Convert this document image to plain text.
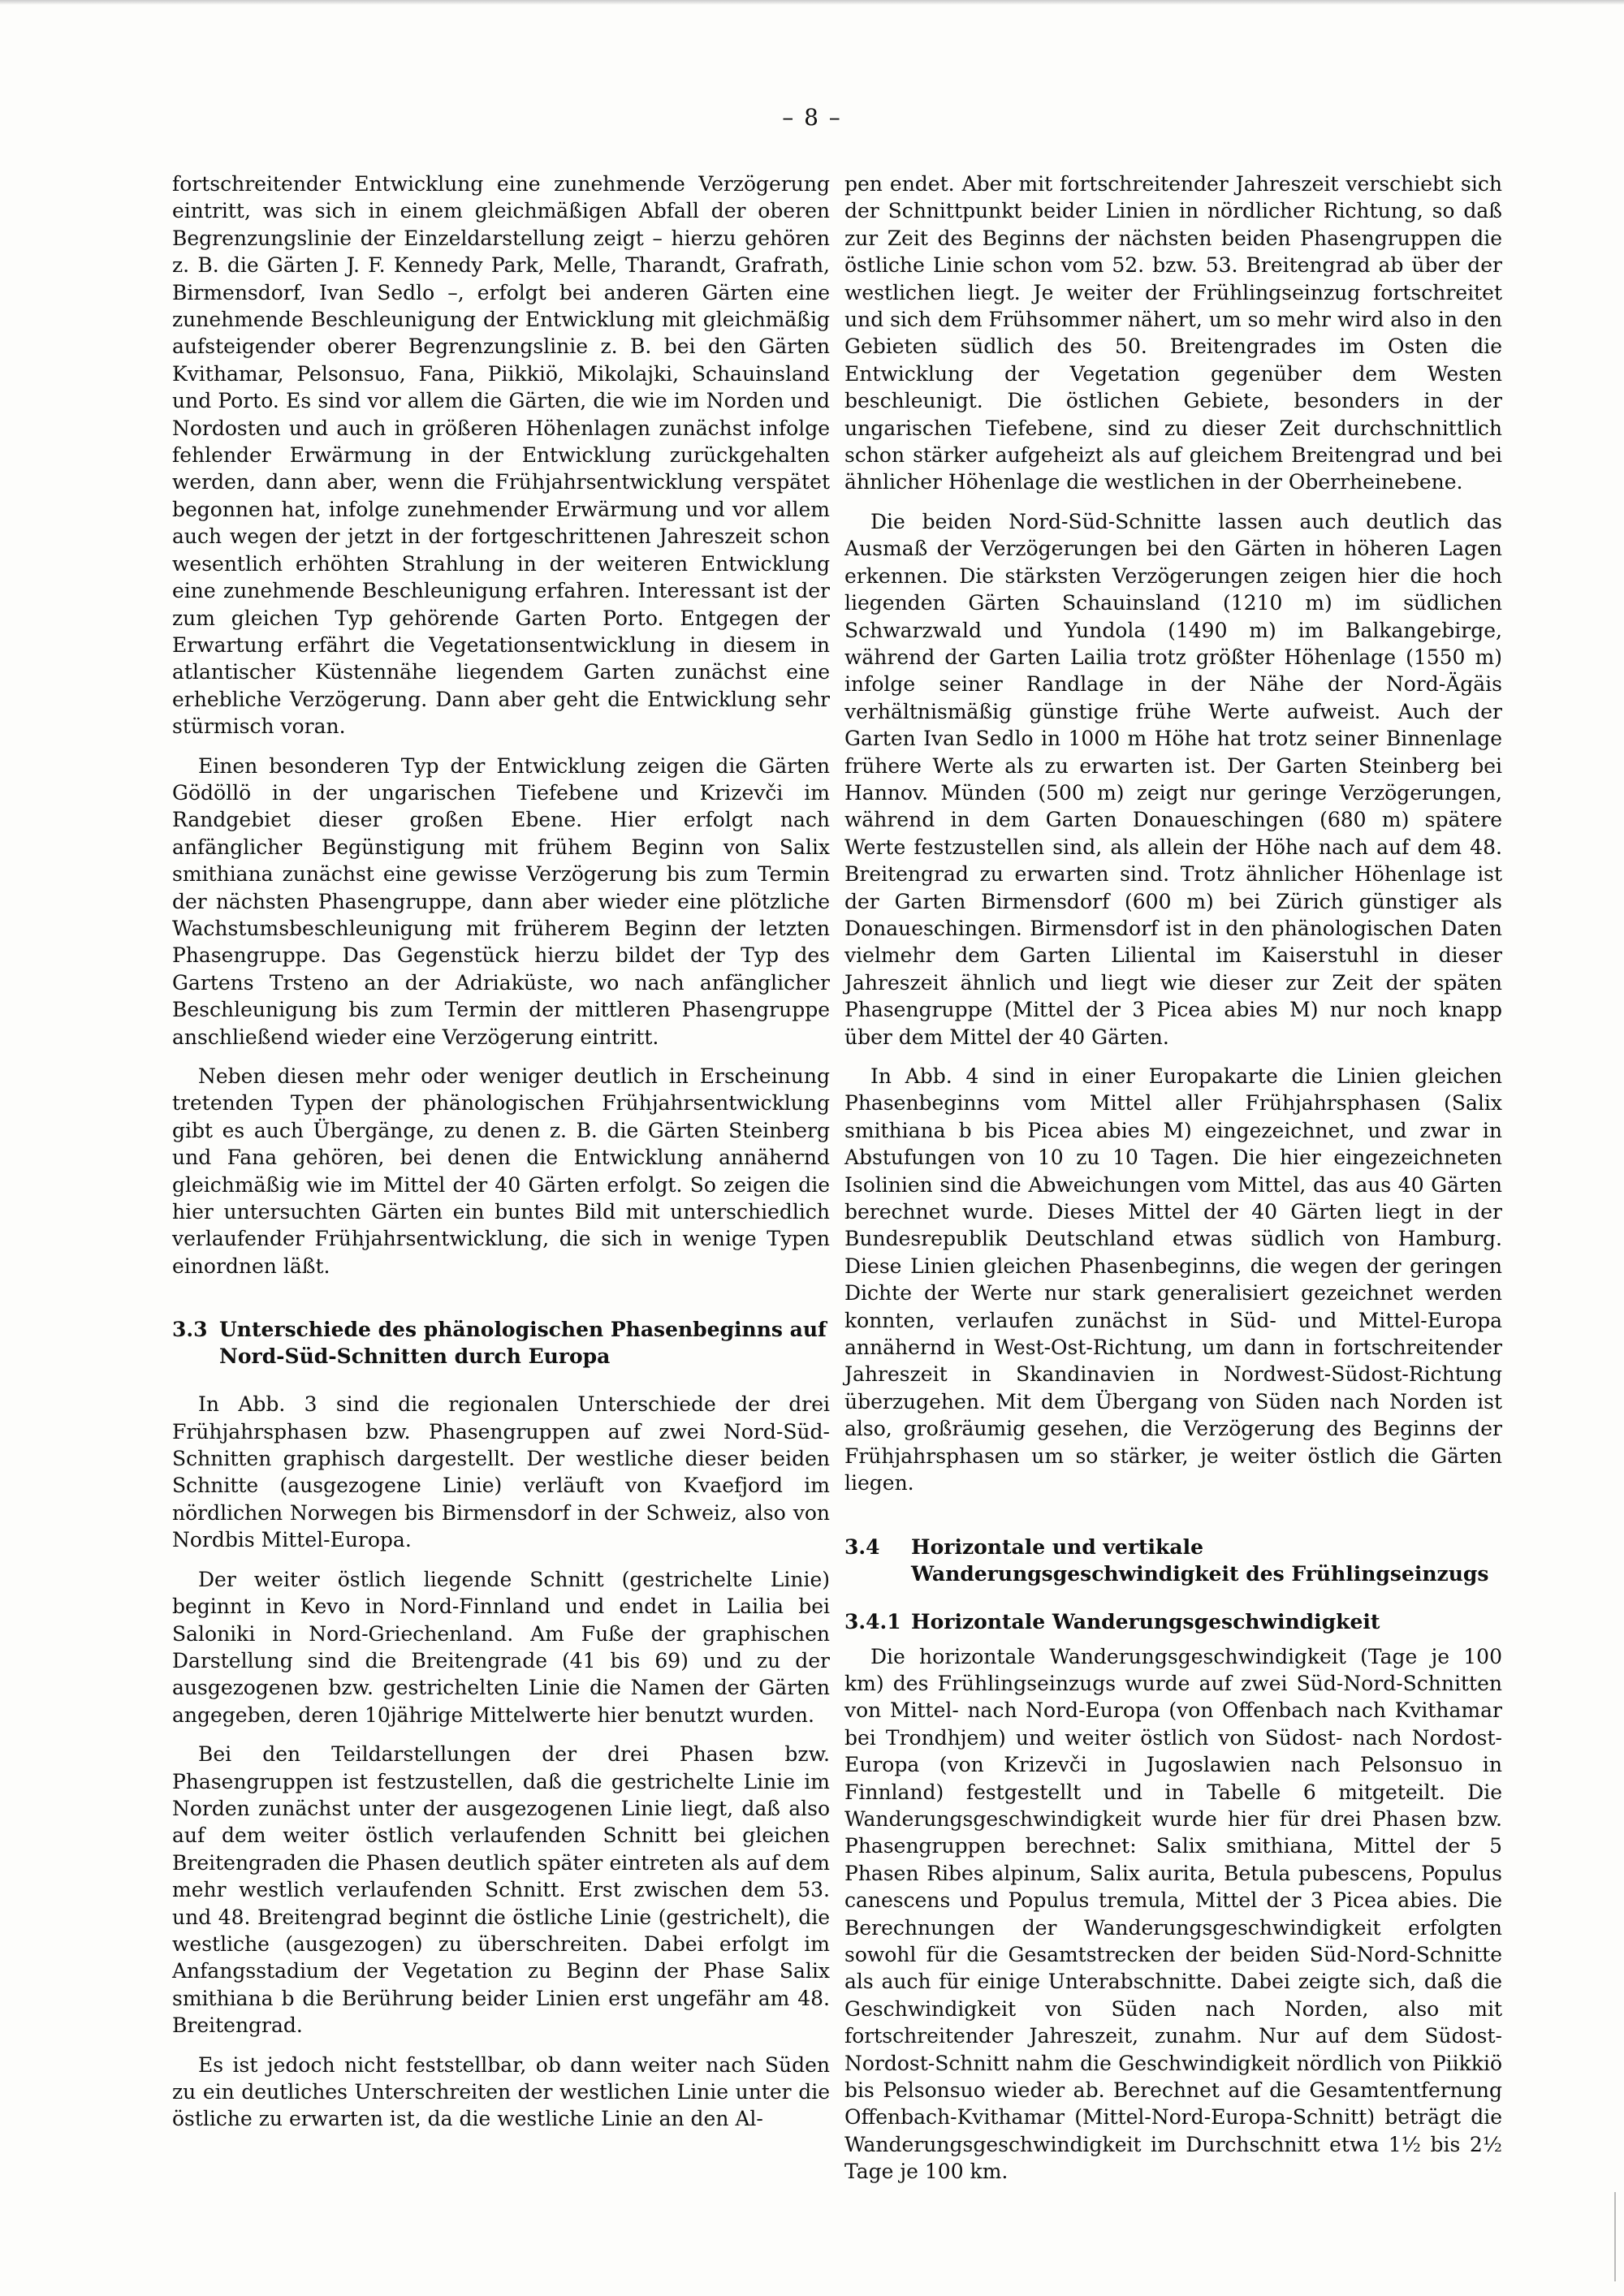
– 8 –

fortschreitender Entwicklung eine zunehmende Verzögerung eintritt, was sich in einem gleichmäßigen Abfall der oberen Begrenzungslinie der Einzeldarstellung zeigt – hierzu gehören z. B. die Gärten J. F. Kennedy Park, Melle, Tharandt, Grafrath, Birmensdorf, Ivan Sedlo –, erfolgt bei anderen Gärten eine zunehmende Beschleunigung der Entwicklung mit gleichmäßig aufsteigender oberer Begrenzungslinie z. B. bei den Gärten Kvithamar, Pelsonsuo, Fana, Piikkiö, Mikolajki, Schauinsland und Porto. Es sind vor allem die Gärten, die wie im Norden und Nordosten und auch in größeren Höhenlagen zunächst infolge fehlender Erwärmung in der Entwicklung zurückgehalten werden, dann aber, wenn die Frühjahrsentwicklung verspätet begonnen hat, infolge zunehmender Erwärmung und vor allem auch wegen der jetzt in der fortgeschrittenen Jahreszeit schon wesentlich erhöhten Strahlung in der weiteren Entwicklung eine zunehmende Beschleunigung erfahren. Interessant ist der zum gleichen Typ gehörende Garten Porto. Entgegen der Erwartung erfährt die Vegetationsentwicklung in diesem in atlantischer Küstennähe liegendem Garten zunächst eine erhebliche Verzögerung. Dann aber geht die Entwicklung sehr stürmisch voran.

Einen besonderen Typ der Entwicklung zeigen die Gärten Gödöllö in der ungarischen Tiefebene und Krizevči im Randgebiet dieser großen Ebene. Hier erfolgt nach anfänglicher Begünstigung mit frühem Beginn von Salix smithiana zunächst eine gewisse Verzögerung bis zum Termin der nächsten Phasengruppe, dann aber wieder eine plötzliche Wachstumsbeschleunigung mit früherem Beginn der letzten Phasengruppe. Das Gegenstück hierzu bildet der Typ des Gartens Trsteno an der Adriaküste, wo nach anfänglicher Beschleunigung bis zum Termin der mittleren Phasengruppe anschließend wieder eine Verzögerung eintritt.

Neben diesen mehr oder weniger deutlich in Erscheinung tretenden Typen der phänologischen Frühjahrsentwicklung gibt es auch Übergänge, zu denen z. B. die Gärten Steinberg und Fana gehören, bei denen die Entwicklung annähernd gleichmäßig wie im Mittel der 40 Gärten erfolgt. So zeigen die hier untersuchten Gärten ein buntes Bild mit unterschiedlich verlaufender Frühjahrsentwicklung, die sich in wenige Typen einordnen läßt.

3.3 Unterschiede des phänologischen Phasenbeginns auf Nord-Süd-Schnitten durch Europa

In Abb. 3 sind die regionalen Unterschiede der drei Frühjahrsphasen bzw. Phasengruppen auf zwei Nord-Süd-Schnitten graphisch dargestellt. Der westliche dieser beiden Schnitte (ausgezogene Linie) verläuft von Kvaefjord im nördlichen Norwegen bis Birmensdorf in der Schweiz, also von Nordbis Mittel-Europa.

Der weiter östlich liegende Schnitt (gestrichelte Linie) beginnt in Kevo in Nord-Finnland und endet in Lailia bei Saloniki in Nord-Griechenland. Am Fuße der graphischen Darstellung sind die Breitengrade (41 bis 69) und zu der ausgezogenen bzw. gestrichelten Linie die Namen der Gärten angegeben, deren 10jährige Mittelwerte hier benutzt wurden.

Bei den Teildarstellungen der drei Phasen bzw. Phasengruppen ist festzustellen, daß die gestrichelte Linie im Norden zunächst unter der ausgezogenen Linie liegt, daß also auf dem weiter östlich verlaufenden Schnitt bei gleichen Breitengraden die Phasen deutlich später eintreten als auf dem mehr westlich verlaufenden Schnitt. Erst zwischen dem 53. und 48. Breitengrad beginnt die östliche Linie (gestrichelt), die westliche (ausgezogen) zu überschreiten. Dabei erfolgt im Anfangsstadium der Vegetation zu Beginn der Phase Salix smithiana b die Berührung beider Linien erst ungefähr am 48. Breitengrad.

Es ist jedoch nicht feststellbar, ob dann weiter nach Süden zu ein deutliches Unterschreiten der westlichen Linie unter die östliche zu erwarten ist, da die westliche Linie an den Al-

pen endet. Aber mit fortschreitender Jahreszeit verschiebt sich der Schnittpunkt beider Linien in nördlicher Richtung, so daß zur Zeit des Beginns der nächsten beiden Phasengruppen die östliche Linie schon vom 52. bzw. 53. Breitengrad ab über der westlichen liegt. Je weiter der Frühlingseinzug fortschreitet und sich dem Frühsommer nähert, um so mehr wird also in den Gebieten südlich des 50. Breitengrades im Osten die Entwicklung der Vegetation gegenüber dem Westen beschleunigt. Die östlichen Gebiete, besonders in der ungarischen Tiefebene, sind zu dieser Zeit durchschnittlich schon stärker aufgeheizt als auf gleichem Breitengrad und bei ähnlicher Höhenlage die westlichen in der Oberrheinebene.

Die beiden Nord-Süd-Schnitte lassen auch deutlich das Ausmaß der Verzögerungen bei den Gärten in höheren Lagen erkennen. Die stärksten Verzögerungen zeigen hier die hoch liegenden Gärten Schauinsland (1210 m) im südlichen Schwarzwald und Yundola (1490 m) im Balkangebirge, während der Garten Lailia trotz größter Höhenlage (1550 m) infolge seiner Randlage in der Nähe der Nord-Ägäis verhältnismäßig günstige frühe Werte aufweist. Auch der Garten Ivan Sedlo in 1000 m Höhe hat trotz seiner Binnenlage frühere Werte als zu erwarten ist. Der Garten Steinberg bei Hannov. Münden (500 m) zeigt nur geringe Verzögerungen, während in dem Garten Donaueschingen (680 m) spätere Werte festzustellen sind, als allein der Höhe nach auf dem 48. Breitengrad zu erwarten sind. Trotz ähnlicher Höhenlage ist der Garten Birmensdorf (600 m) bei Zürich günstiger als Donaueschingen. Birmensdorf ist in den phänologischen Daten vielmehr dem Garten Liliental im Kaiserstuhl in dieser Jahreszeit ähnlich und liegt wie dieser zur Zeit der späten Phasengruppe (Mittel der 3 Picea abies M) nur noch knapp über dem Mittel der 40 Gärten.

In Abb. 4 sind in einer Europakarte die Linien gleichen Phasenbeginns vom Mittel aller Frühjahrsphasen (Salix smithiana b bis Picea abies M) eingezeichnet, und zwar in Abstufungen von 10 zu 10 Tagen. Die hier eingezeichneten Isolinien sind die Abweichungen vom Mittel, das aus 40 Gärten berechnet wurde. Dieses Mittel der 40 Gärten liegt in der Bundesrepublik Deutschland etwas südlich von Hamburg. Diese Linien gleichen Phasenbeginns, die wegen der geringen Dichte der Werte nur stark generalisiert gezeichnet werden konnten, verlaufen zunächst in Süd- und Mittel-Europa annähernd in West-Ost-Richtung, um dann in fortschreitender Jahreszeit in Skandinavien in Nordwest-Südost-Richtung überzugehen. Mit dem Übergang von Süden nach Norden ist also, großräumig gesehen, die Verzögerung des Beginns der Frühjahrsphasen um so stärker, je weiter östlich die Gärten liegen.

3.4 Horizontale und vertikale Wanderungsgeschwindigkeit des Frühlingseinzugs
3.4.1 Horizontale Wanderungsgeschwindigkeit

Die horizontale Wanderungsgeschwindigkeit (Tage je 100 km) des Frühlingseinzugs wurde auf zwei Süd-Nord-Schnitten von Mittel- nach Nord-Europa (von Offenbach nach Kvithamar bei Trondhjem) und weiter östlich von Südost- nach Nordost-Europa (von Krizevči in Jugoslawien nach Pelsonsuo in Finnland) festgestellt und in Tabelle 6 mitgeteilt. Die Wanderungsgeschwindigkeit wurde hier für drei Phasen bzw. Phasengruppen berechnet: Salix smithiana, Mittel der 5 Phasen Ribes alpinum, Salix aurita, Betula pubescens, Populus canescens und Populus tremula, Mittel der 3 Picea abies. Die Berechnungen der Wanderungsgeschwindigkeit erfolgten sowohl für die Gesamtstrecken der beiden Süd-Nord-Schnitte als auch für einige Unterabschnitte. Dabei zeigte sich, daß die Geschwindigkeit von Süden nach Norden, also mit fortschreitender Jahreszeit, zunahm. Nur auf dem Südost-Nordost-Schnitt nahm die Geschwindigkeit nördlich von Piikkiö bis Pelsonsuo wieder ab. Berechnet auf die Gesamtentfernung Offenbach-Kvithamar (Mittel-Nord-Europa-Schnitt) beträgt die Wanderungsgeschwindigkeit im Durchschnitt etwa 1½ bis 2½ Tage je 100 km.
